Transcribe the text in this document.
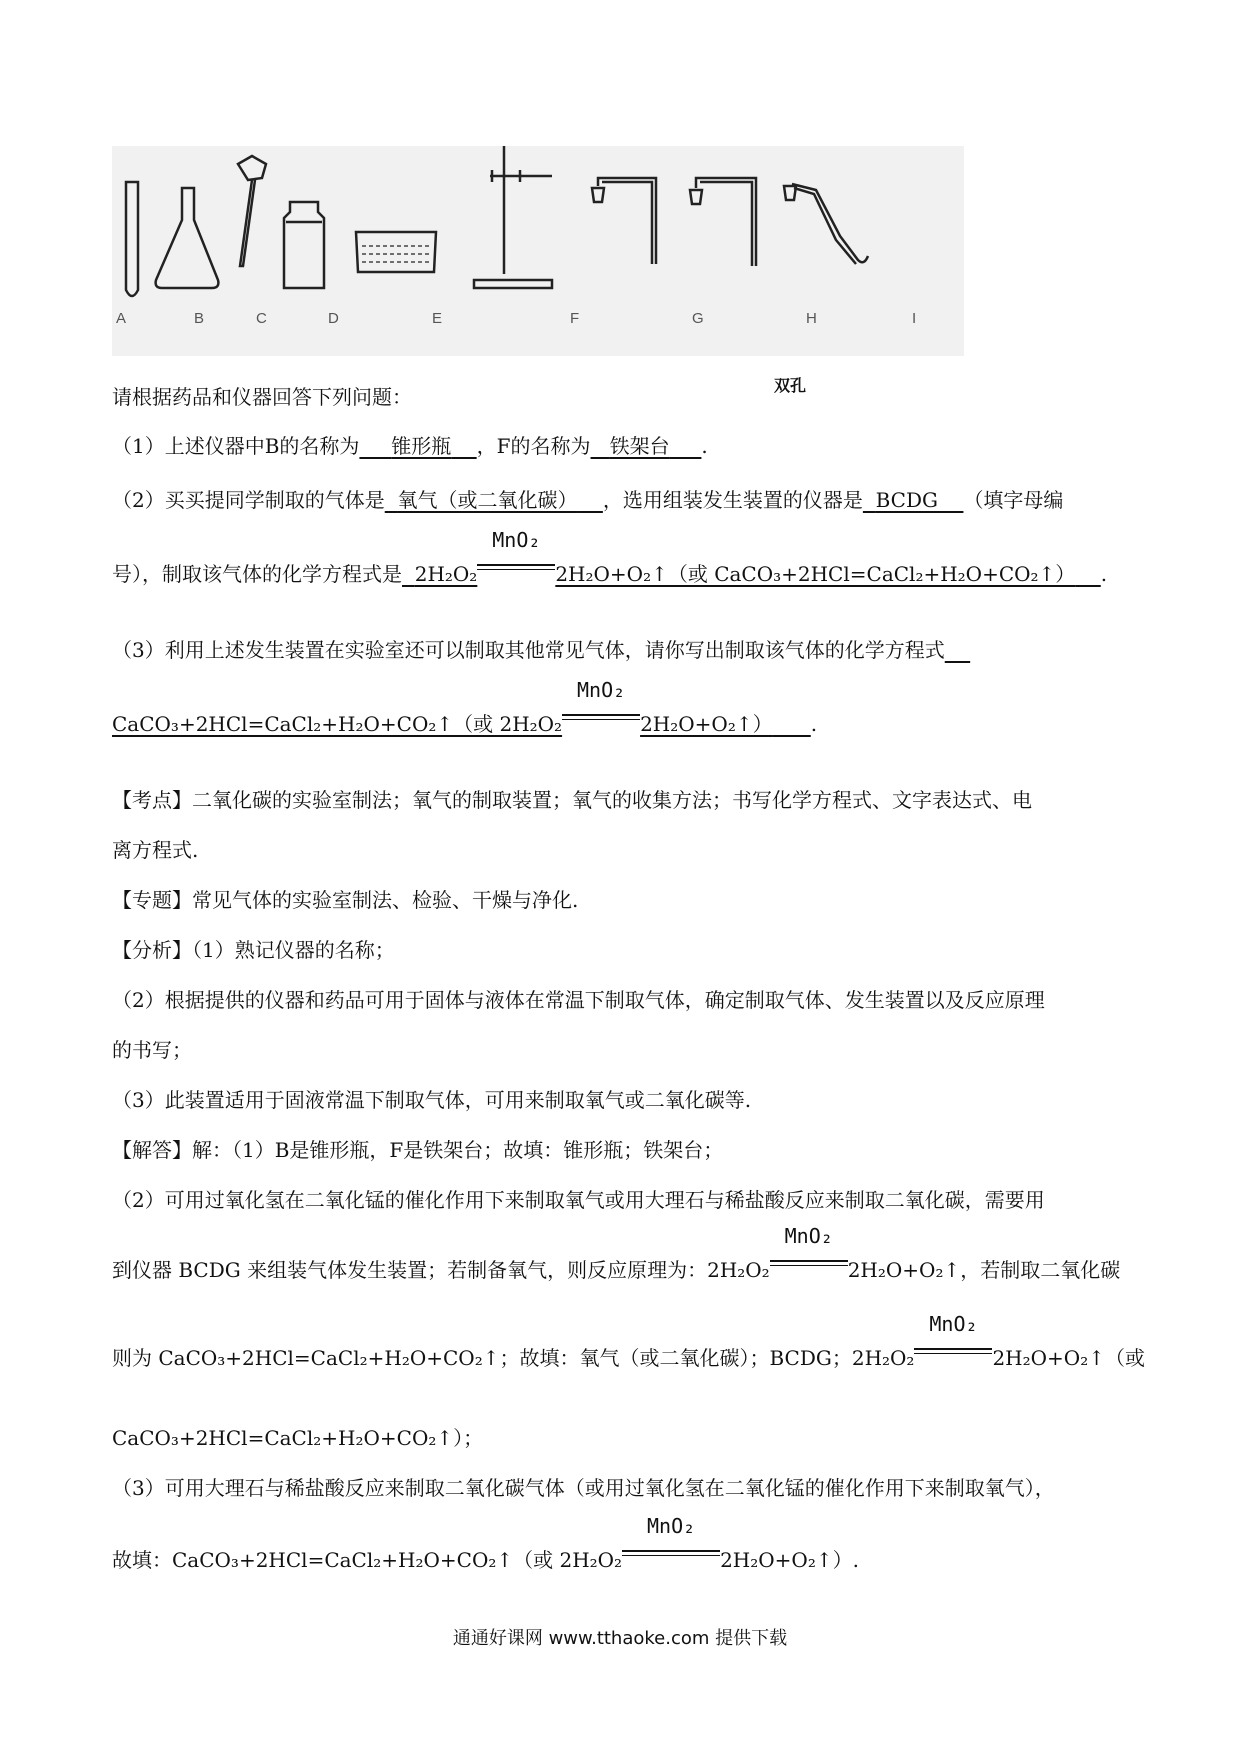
双孔
A	B	C	D	E	F	G	H	I
请根据药品和仪器回答下列问题：
（1）上述仪器中B的名称为 锥形瓶 ，F的名称为 铁架台 .
（2）买买提同学制取的气体是 氧气（或二氧化碳） ，选用组装发生装置的仪器是 BCDG （填字母编
号），制取该气体的化学方程式是 2H₂O₂
MnO₂
2H₂O+O₂↑（或 CaCO₃+2HCl=CaCl₂+H₂O+CO₂↑） .
（3）利用上述发生装置在实验室还可以制取其他常见气体，请你写出制取该气体的化学方程式
CaCO₃+2HCl=CaCl₂+H₂O+CO₂↑（或 2H₂O₂
MnO₂
2H₂O+O₂↑） .
【考点】二氧化碳的实验室制法；氧气的制取装置；氧气的收集方法；书写化学方程式、文字表达式、电
离方程式.
【专题】常见气体的实验室制法、检验、干燥与净化.
【分析】（1）熟记仪器的名称；
（2）根据提供的仪器和药品可用于固体与液体在常温下制取气体，确定制取气体、发生装置以及反应原理
的书写；
（3）此装置适用于固液常温下制取气体，可用来制取氧气或二氧化碳等.
【解答】解：（1）B是锥形瓶，F是铁架台；故填：锥形瓶；铁架台；
（2）可用过氧化氢在二氧化锰的催化作用下来制取氧气或用大理石与稀盐酸反应来制取二氧化碳，需要用
到仪器 BCDG 来组装气体发生装置；若制备氧气，则反应原理为：2H₂O₂
MnO₂
2H₂O+O₂↑，若制取二氧化碳
则为 CaCO₃+2HCl=CaCl₂+H₂O+CO₂↑；故填：氧气（或二氧化碳）；BCDG；2H₂O₂
MnO₂
2H₂O+O₂↑（或
CaCO₃+2HCl=CaCl₂+H₂O+CO₂↑）；
（3）可用大理石与稀盐酸反应来制取二氧化碳气体（或用过氧化氢在二氧化锰的催化作用下来制取氧气），
故填：CaCO₃+2HCl=CaCl₂+H₂O+CO₂↑（或 2H₂O₂
MnO₂
2H₂O+O₂↑）.
通通好课网 www.tthaoke.com 提供下载
